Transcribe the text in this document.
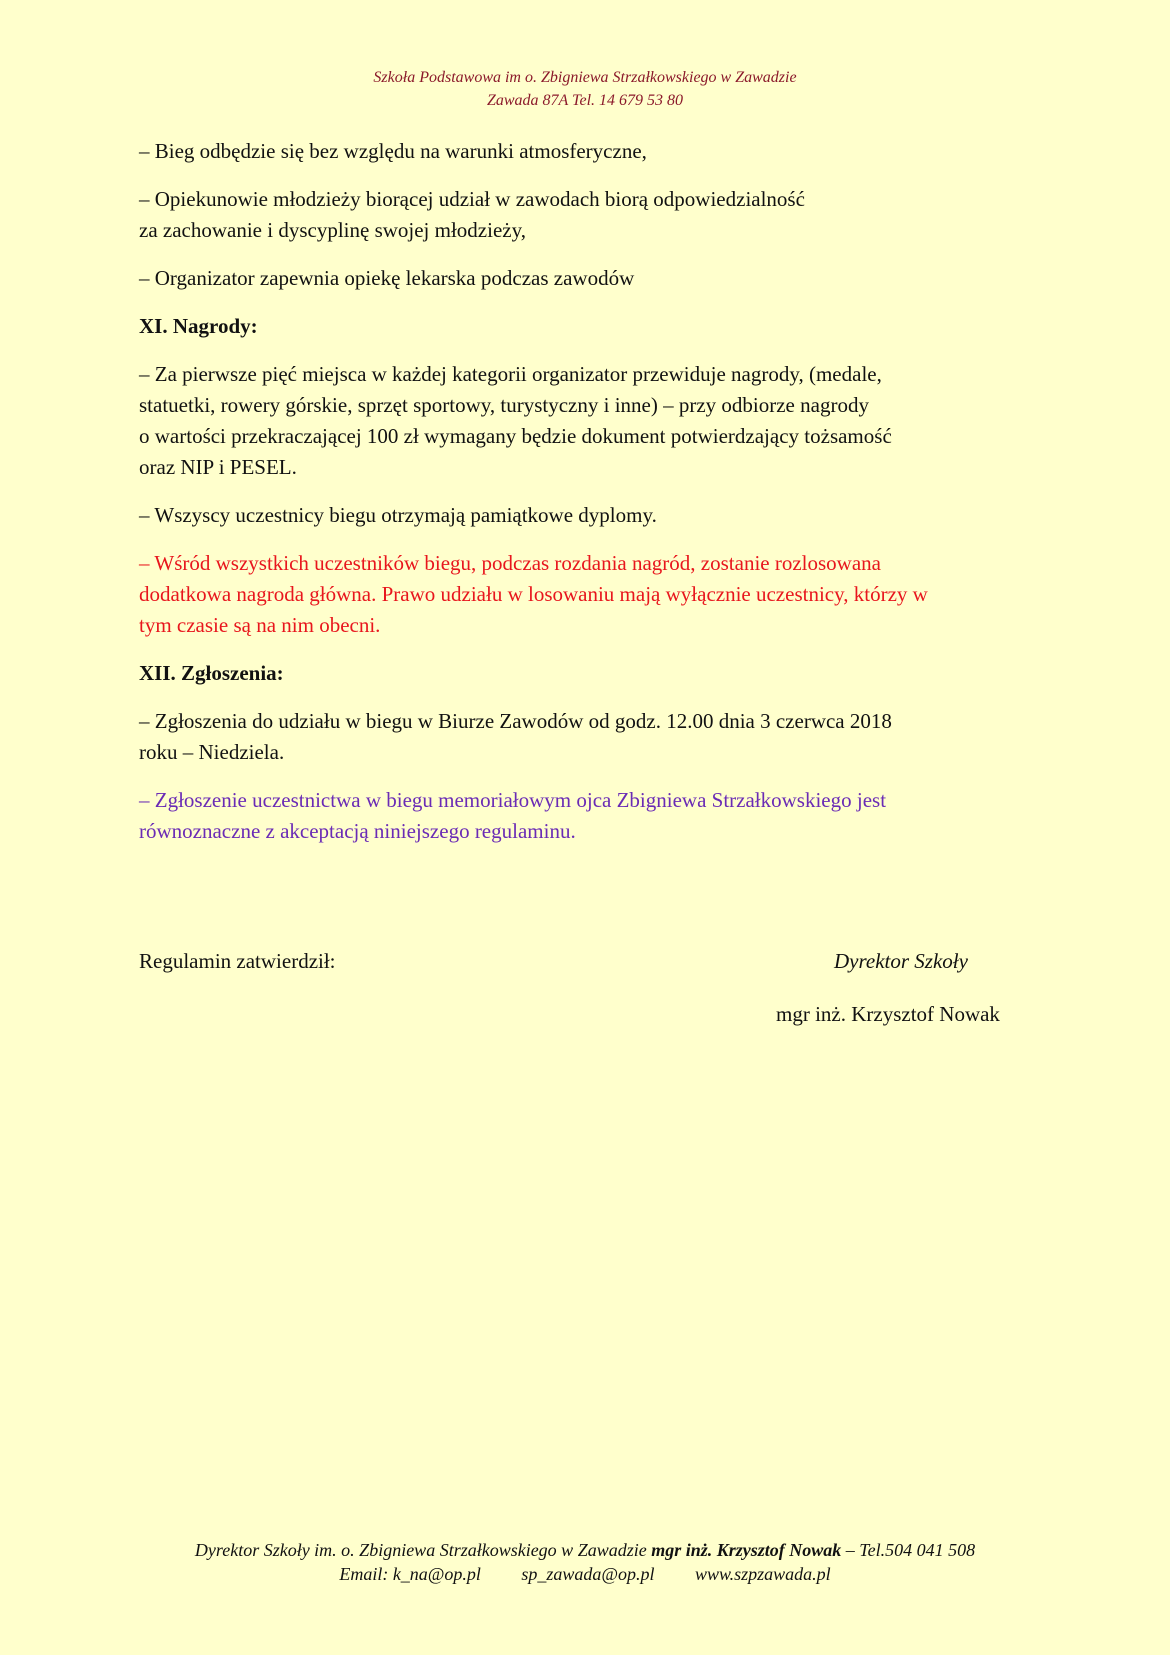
Szkoła Podstawowa im o. Zbigniewa Strzałkowskiego w Zawadzie
Zawada 87A Tel. 14 679 53 80

– Bieg odbędzie się bez względu na warunki atmosferyczne,

– Opiekunowie młodzieży biorącej udział w zawodach biorą odpowiedzialność
za zachowanie i dyscyplinę swojej młodzieży,

– Organizator zapewnia opiekę lekarska podczas zawodów

XI. Nagrody:

– Za pierwsze pięć miejsca w każdej kategorii organizator przewiduje nagrody, (medale,
statuetki, rowery górskie, sprzęt sportowy, turystyczny i inne) – przy odbiorze nagrody
o wartości przekraczającej 100 zł wymagany będzie dokument potwierdzający tożsamość
oraz NIP i PESEL.

– Wszyscy uczestnicy biegu otrzymają pamiątkowe dyplomy.

– Wśród wszystkich uczestników biegu, podczas rozdania nagród, zostanie rozlosowana
dodatkowa nagroda główna. Prawo udziału w losowaniu mają wyłącznie uczestnicy, którzy w
tym czasie są na nim obecni.

XII. Zgłoszenia:

– Zgłoszenia do udziału w biegu w Biurze Zawodów od godz. 12.00 dnia 3 czerwca 2018
roku – Niedziela.

– Zgłoszenie uczestnictwa w biegu memoriałowym ojca Zbigniewa Strzałkowskiego jest
równoznaczne z akceptacją niniejszego regulaminu.

Regulamin zatwierdził:	Dyrektor Szkoły
mgr inż. Krzysztof Nowak
Dyrektor Szkoły im. o. Zbigniewa Strzałkowskiego w Zawadzie mgr inż. Krzysztof Nowak – Tel.504 041 508
Email: k_na@op.pl sp_zawada@op.pl www.szpzawada.pl
